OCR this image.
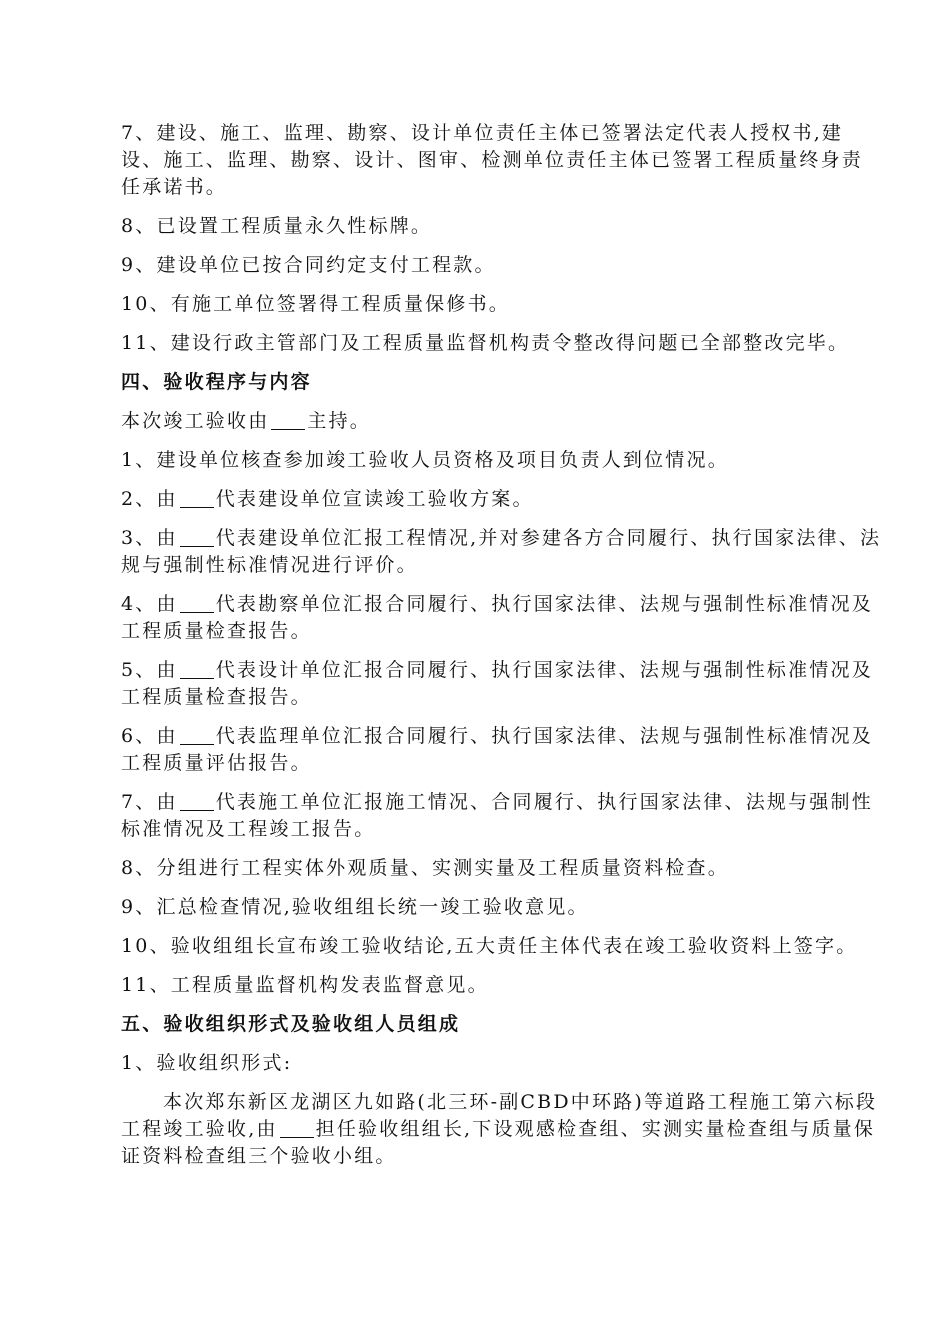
7、建设、施工、监理、勘察、设计单位责任主体已签署法定代表人授权书,建设、施工、监理、勘察、设计、图审、检测单位责任主体已签署工程质量终身责任承诺书。

8、已设置工程质量永久性标牌。

9、建设单位已按合同约定支付工程款。

10、有施工单位签署得工程质量保修书。

11、建设行政主管部门及工程质量监督机构责令整改得问题已全部整改完毕。

四、验收程序与内容

本次竣工验收由 主持。

1、建设单位核查参加竣工验收人员资格及项目负责人到位情况。

2、由 代表建设单位宣读竣工验收方案。

3、由 代表建设单位汇报工程情况,并对参建各方合同履行、执行国家法律、法规与强制性标准情况进行评价。

4、由 代表勘察单位汇报合同履行、执行国家法律、法规与强制性标准情况及工程质量检查报告。

5、由 代表设计单位汇报合同履行、执行国家法律、法规与强制性标准情况及工程质量检查报告。

6、由 代表监理单位汇报合同履行、执行国家法律、法规与强制性标准情况及工程质量评估报告。

7、由 代表施工单位汇报施工情况、合同履行、执行国家法律、法规与强制性标准情况及工程竣工报告。

8、分组进行工程实体外观质量、实测实量及工程质量资料检查。

9、汇总检查情况,验收组组长统一竣工验收意见。

10、验收组组长宣布竣工验收结论,五大责任主体代表在竣工验收资料上签字。

11、工程质量监督机构发表监督意见。

五、验收组织形式及验收组人员组成

1、验收组织形式:

本次郑东新区龙湖区九如路(北三环-副CBD中环路)等道路工程施工第六标段工程竣工验收,由 担任验收组组长,下设观感检查组、实测实量检查组与质量保证资料检查组三个验收小组。
